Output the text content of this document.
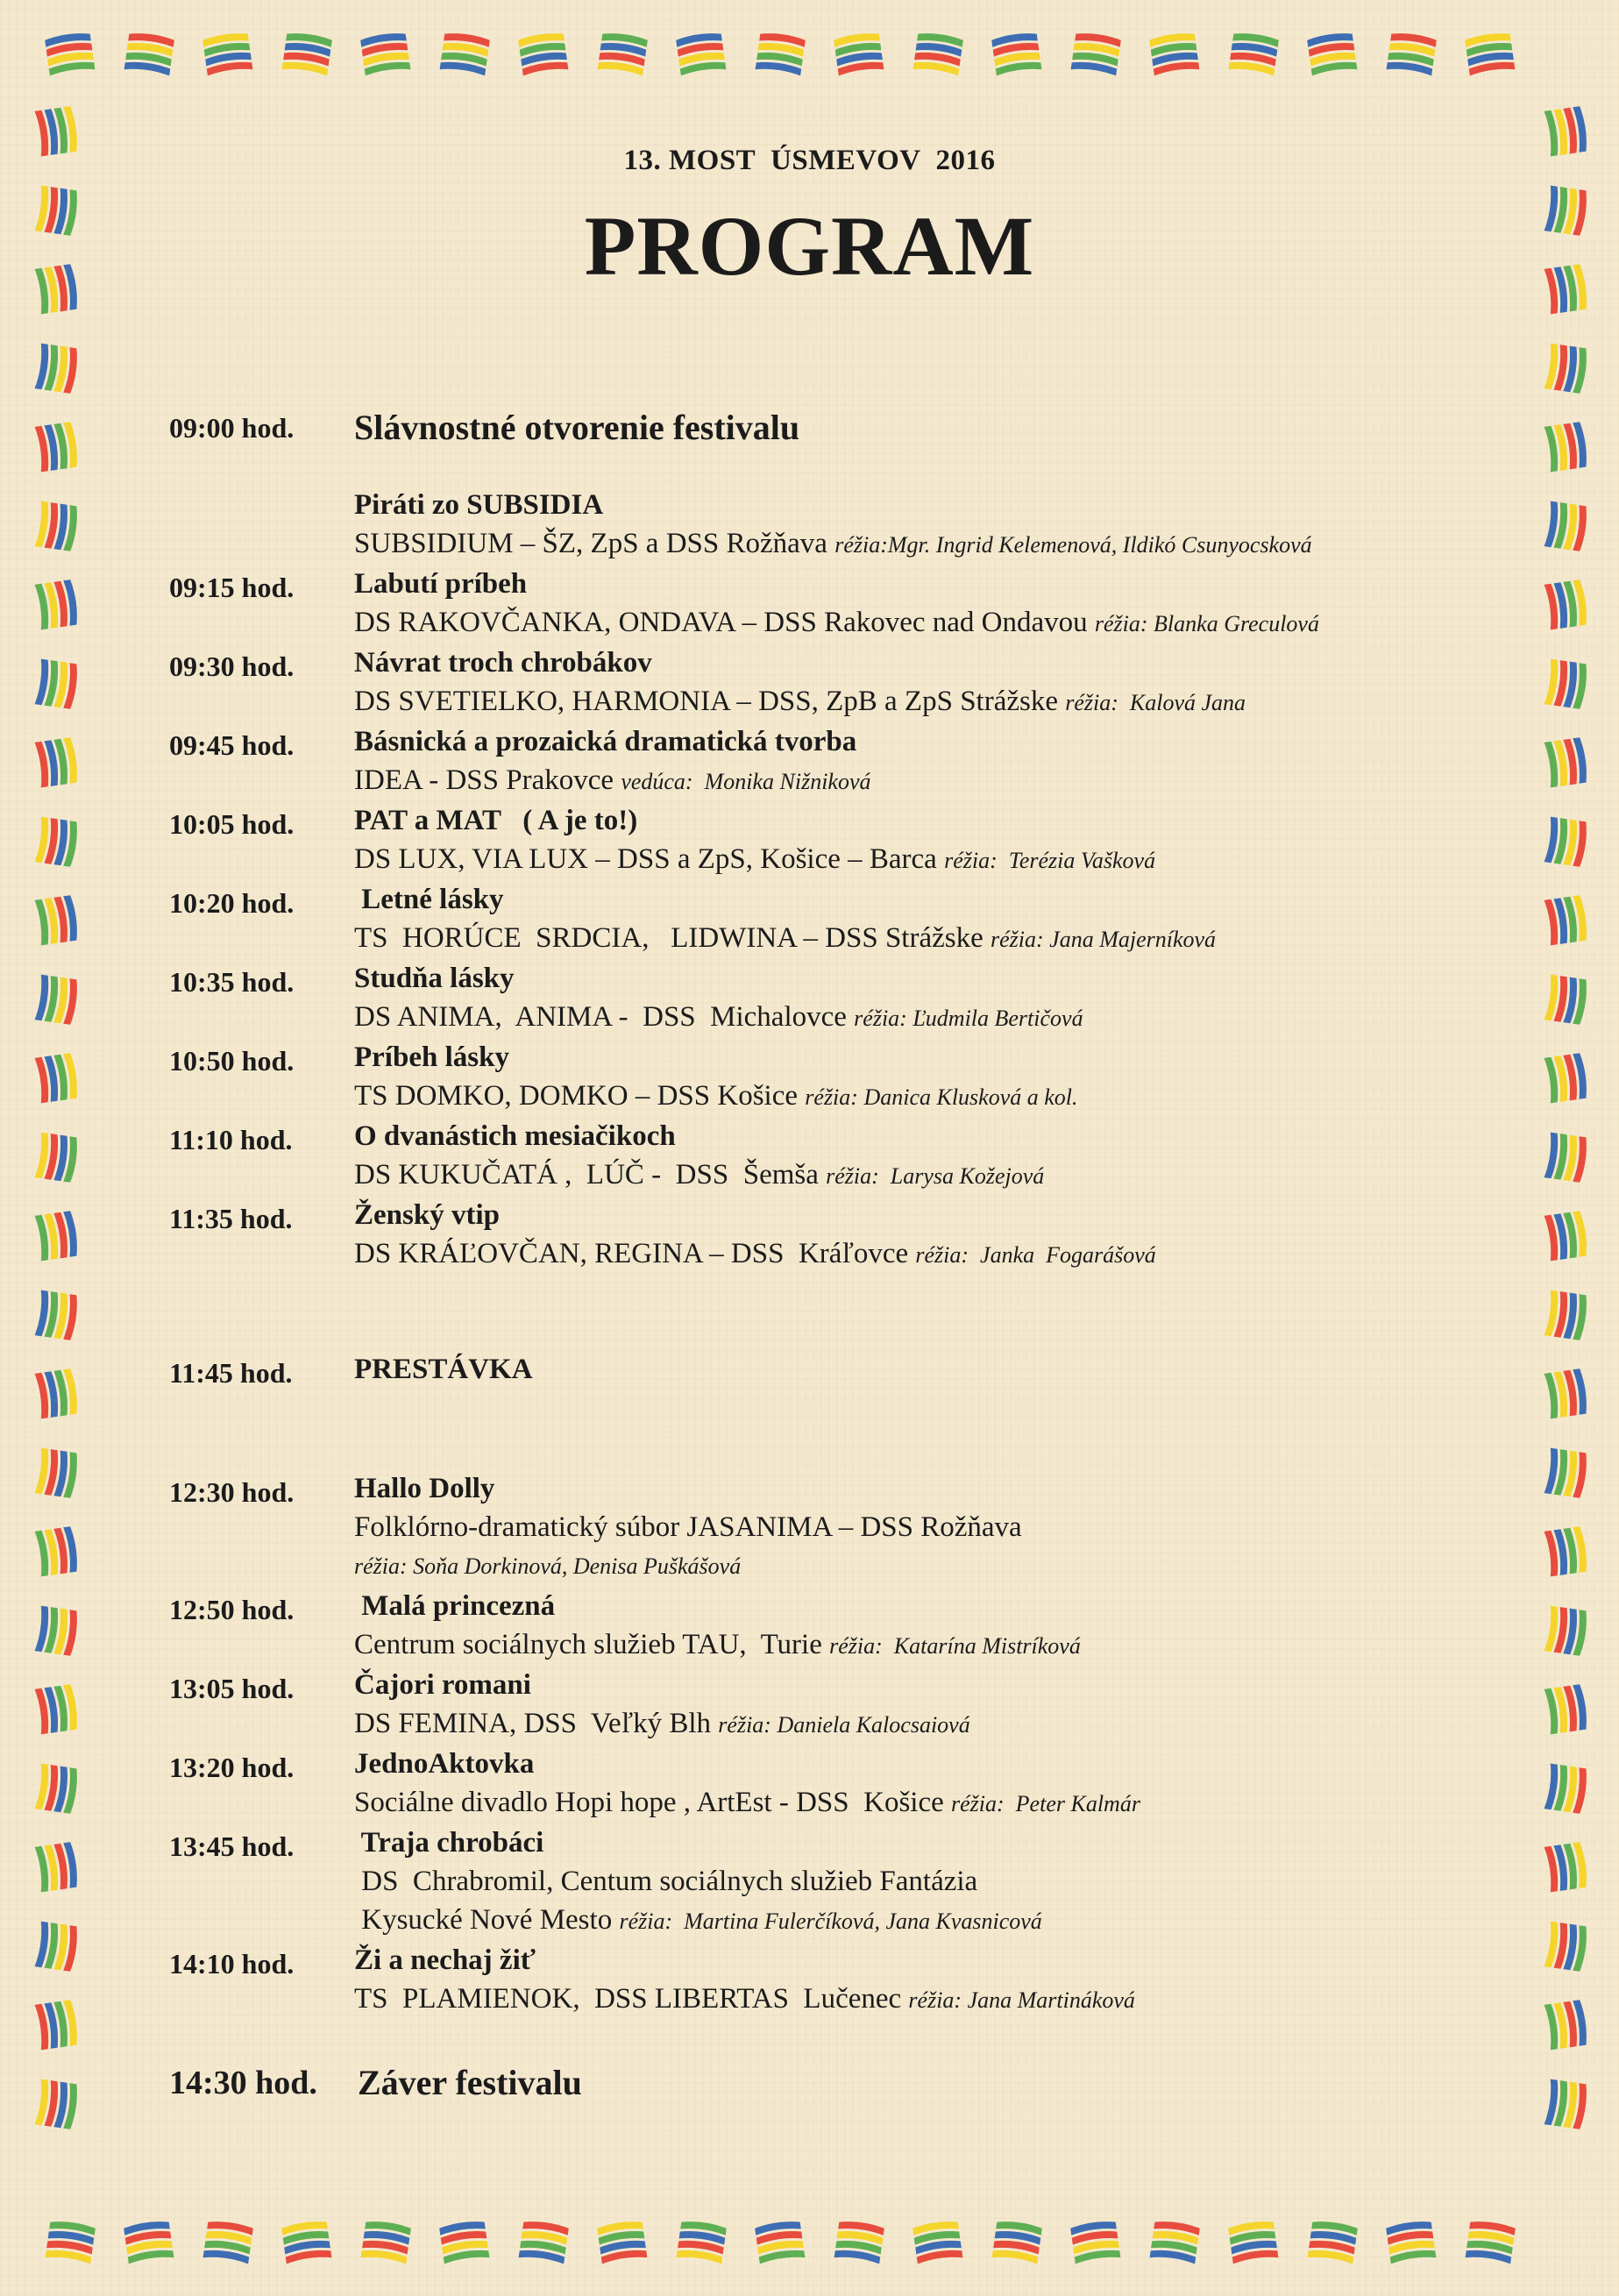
13. MOST  ÚSMEVOV  2016
PROGRAM
09:00 hod. Slávnostné otvorenie festivalu
Piráti zo SUBSIDIA
SUBSIDIUM – ŠZ, ZpS a DSS Rožňava réžia:Mgr. Ingrid Kelemenová, Ildikó Csunyocsková
09:15 hod. Labutí príbeh
DS RAKOVČANKA, ONDAVA – DSS Rakovec nad Ondavou réžia: Blanka Greculová
09:30 hod. Návrat troch chrobákov
DS SVETIELKO, HARMONIA – DSS, ZpB a ZpS Strážske réžia:  Kalová Jana
09:45 hod. Básnická a prozaická dramatická tvorba
IDEA - DSS Prakovce vedúca:  Monika Nižniková
10:05 hod. PAT a MAT   ( A je to!)
DS LUX, VIA LUX – DSS a ZpS, Košice – Barca réžia:  Terézia Vašková
10:20 hod. Letné lásky
TS  HORÚCE  SRDCIA,   LIDWINA – DSS Strážske réžia: Jana Majerníková
10:35 hod. Studňa lásky
DS ANIMA,  ANIMA -  DSS  Michalovce réžia: Ľudmila Bertičová
10:50 hod. Príbeh lásky
TS DOMKO, DOMKO – DSS Košice réžia: Danica Klusková a kol.
11:10 hod. O dvanástich mesiačikoch
DS KUKUČATÁ ,  LÚČ -  DSS  Šemša réžia:  Larysa Kožejová
11:35 hod. Ženský vtip
DS KRÁĽOVČAN, REGINA – DSS  Kráľovce réžia:  Janka  Fogarášová
11:45 hod. PRESTÁVKA
12:30 hod. Hallo Dolly
Folklórno-dramatický súbor JASANIMA – DSS Rožňava
réžia: Soňa Dorkinová, Denisa Puškášová
12:50 hod. Malá princezná
Centrum sociálnych služieb TAU,  Turie réžia:  Katarína Mistríková
13:05 hod. Čajori romani
DS FEMINA, DSS  Veľký Blh réžia: Daniela Kalocsaiová
13:20 hod. JednoAktovka
Sociálne divadlo Hopi hope , ArtEst - DSS  Košice réžia:  Peter Kalmár
13:45 hod. Traja chrobáci
DS  Chrabromil, Centum sociálnych služieb Fantázia
Kysucké Nové Mesto réžia:  Martina Fulerčíková, Jana Kvasnicová
14:10 hod. Ži a nechaj žiť
TS  PLAMIENOK,  DSS LIBERTAS  Lučenec réžia: Jana Martináková
14:30 hod. Záver festivalu
